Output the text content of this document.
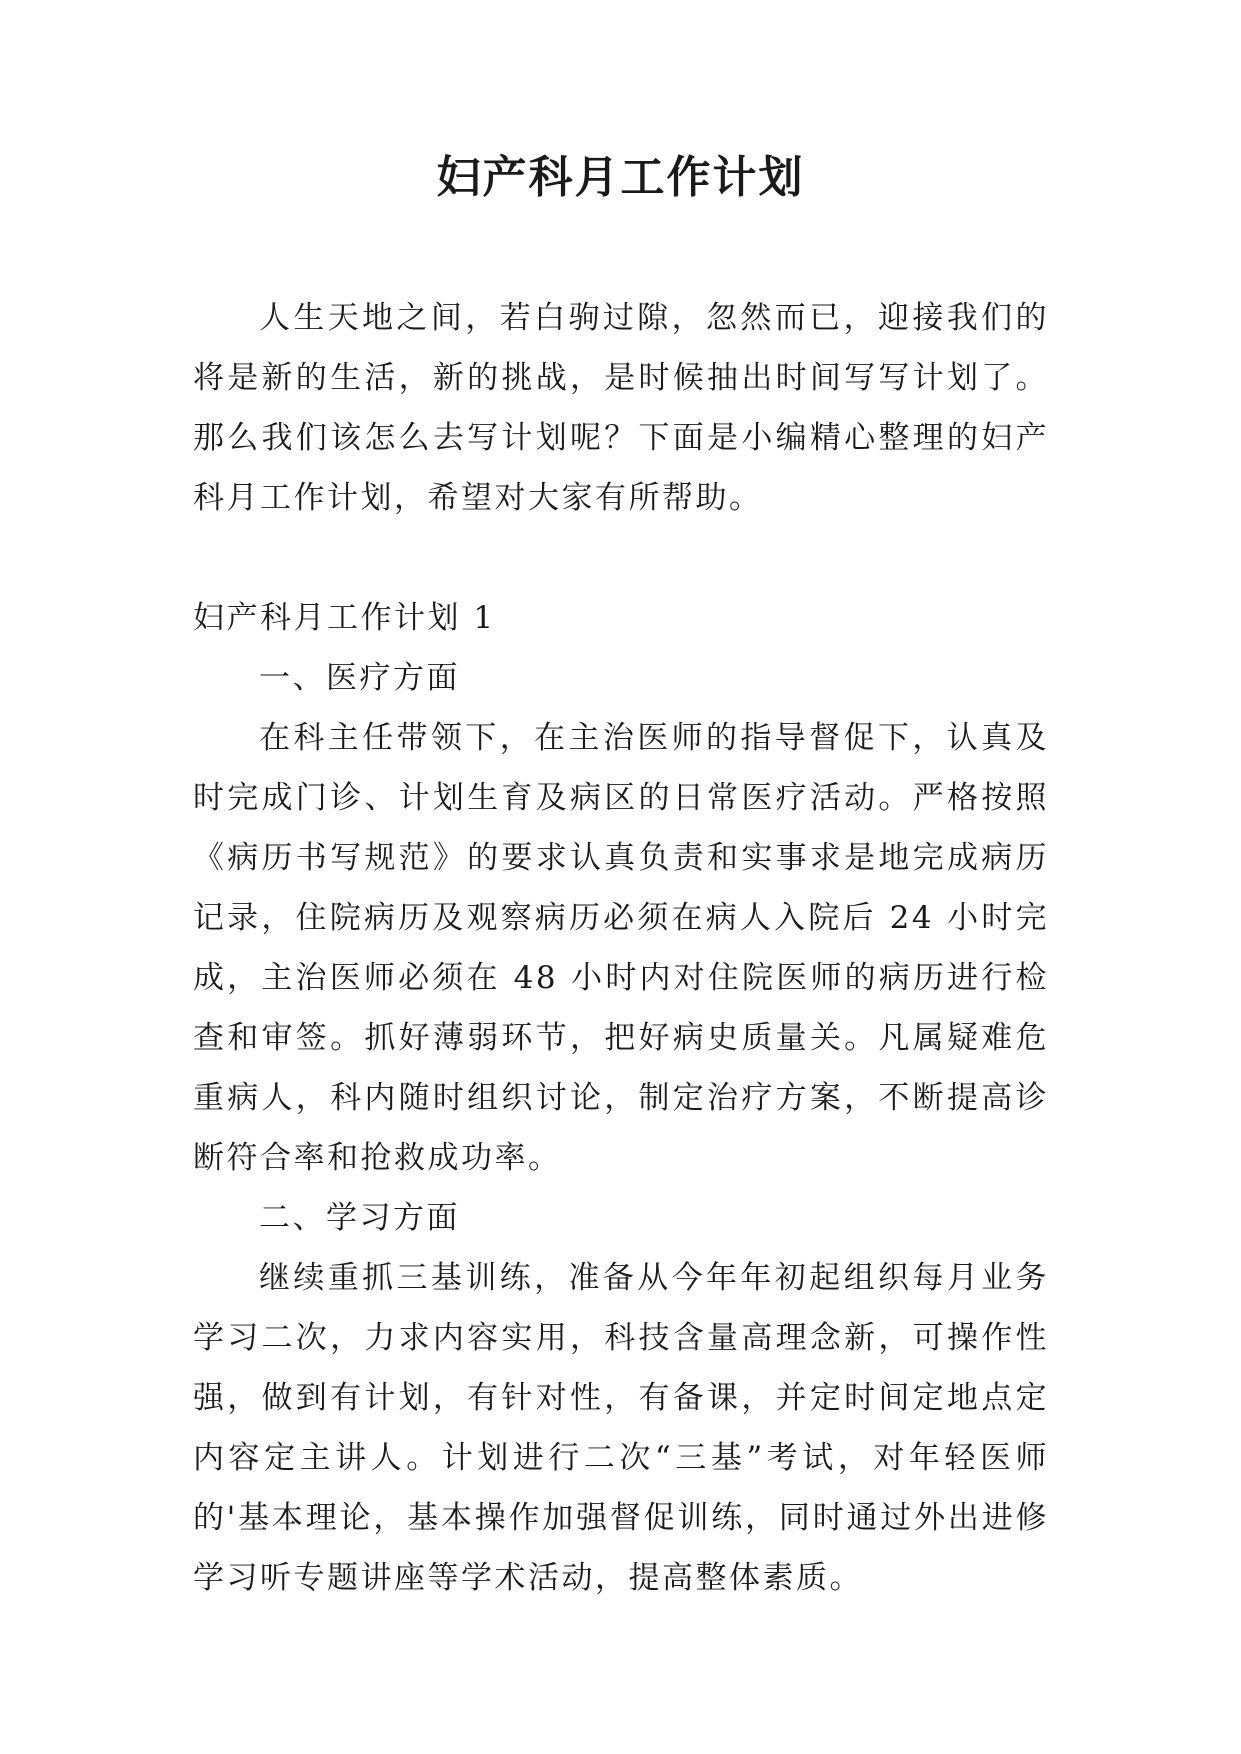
妇产科月工作计划

人生天地之间，若白驹过隙，忽然而已，迎接我们的将是新的生活，新的挑战，是时候抽出时间写写计划了。那么我们该怎么去写计划呢？下面是小编精心整理的妇产科月工作计划，希望对大家有所帮助。

妇产科月工作计划 1

一、医疗方面

在科主任带领下，在主治医师的指导督促下，认真及时完成门诊、计划生育及病区的日常医疗活动。严格按照《病历书写规范》的要求认真负责和实事求是地完成病历记录，住院病历及观察病历必须在病人入院后 24 小时完成，主治医师必须在 48 小时内对住院医师的病历进行检查和审签。抓好薄弱环节，把好病史质量关。凡属疑难危重病人，科内随时组织讨论，制定治疗方案，不断提高诊断符合率和抢救成功率。

二、学习方面

继续重抓三基训练，准备从今年年初起组织每月业务学习二次，力求内容实用，科技含量高理念新，可操作性强，做到有计划，有针对性，有备课，并定时间定地点定内容定主讲人。计划进行二次“三基”考试，对年轻医师的'基本理论，基本操作加强督促训练，同时通过外出进修学习听专题讲座等学术活动，提高整体素质。
